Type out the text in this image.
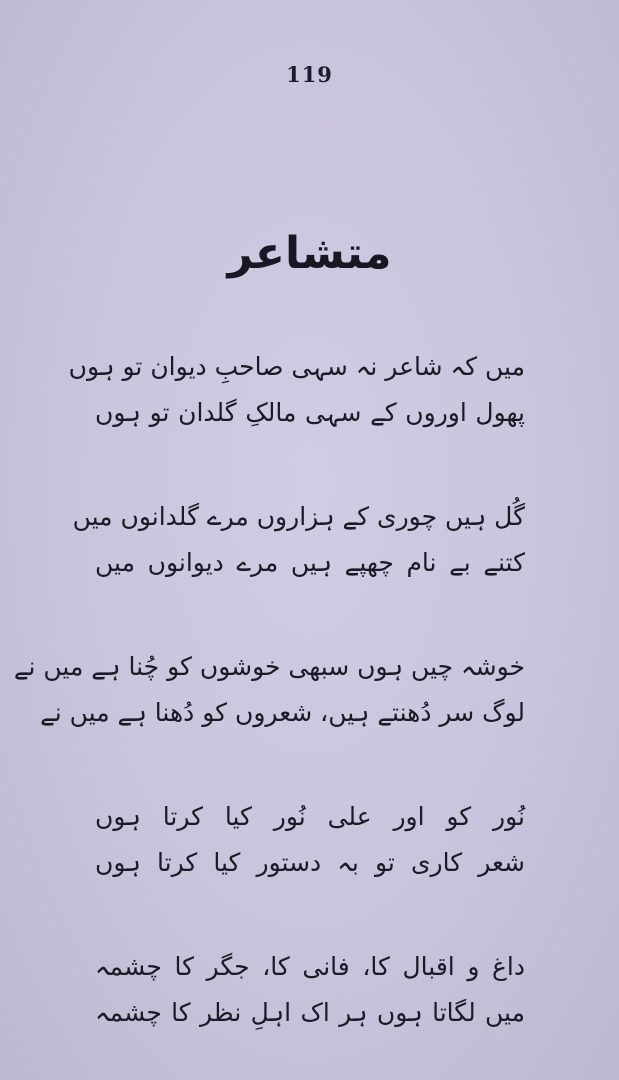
119
متشاعر
میں کہ شاعر نہ سہی صاحبِ دیوان تو ہوں
پھول اوروں کے سہی مالکِ گلدان تو ہوں
گُل ہیں چوری کے ہزاروں مرے گلدانوں میں
کتنے بے نام چھپے ہیں مرے دیوانوں میں
خوشہ چیں ہوں سبھی خوشوں کو چُنا ہے میں نے
لوگ سر دُھنتے ہیں، شعروں کو دُھنا ہے میں نے
نُور کو اور علی نُور کیا کرتا ہوں
شعر کاری تو بہ دستور کیا کرتا ہوں
داغ و اقبال کا، فانی کا، جگر کا چشمہ
میں لگاتا ہوں ہر اک اہلِ نظر کا چشمہ
